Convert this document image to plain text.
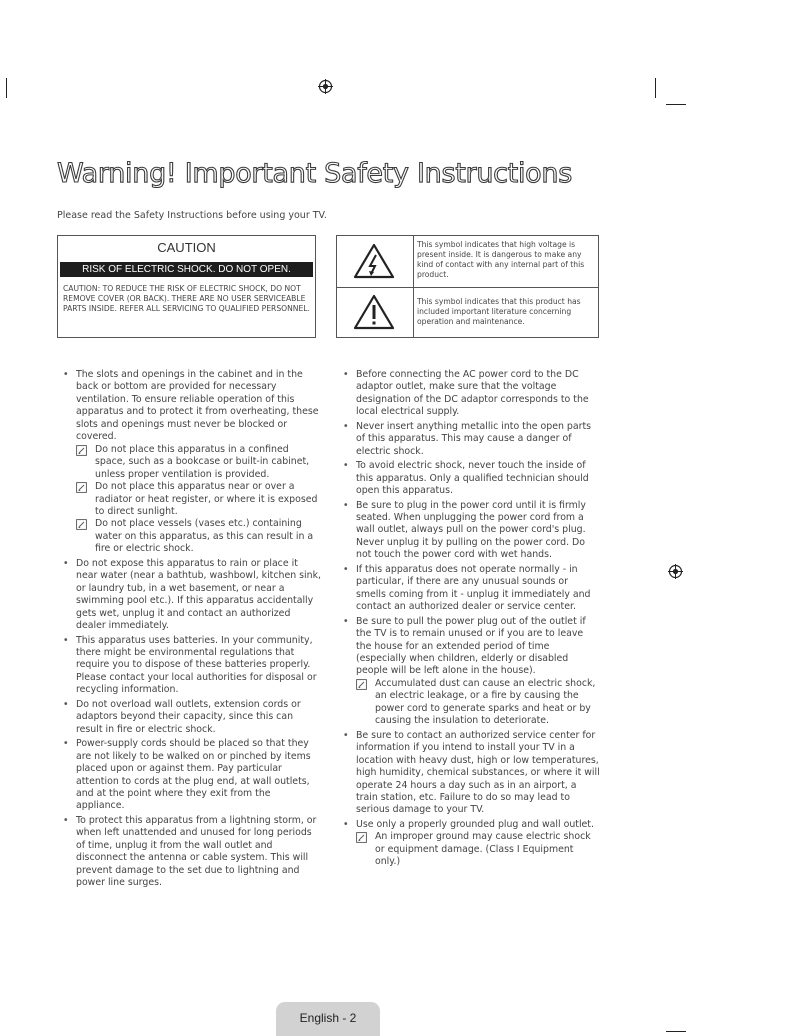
Warning! Important Safety Instructions
Please read the Safety Instructions before using your TV.
CAUTION
RISK OF ELECTRIC SHOCK. DO NOT OPEN.
CAUTION: TO REDUCE THE RISK OF ELECTRIC SHOCK, DO NOT REMOVE COVER (OR BACK). THERE ARE NO USER SERVICEABLE PARTS INSIDE. REFER ALL SERVICING TO QUALIFIED PERSONNEL.
This symbol indicates that high voltage is present inside. It is dangerous to make any kind of contact with any internal part of this product.
This symbol indicates that this product has included important literature concerning operation and maintenance.
• The slots and openings in the cabinet and in the back or bottom are provided for necessary ventilation. To ensure reliable operation of this apparatus and to protect it from overheating, these slots and openings must never be blocked or covered.
Do not place this apparatus in a confined space, such as a bookcase or built-in cabinet, unless proper ventilation is provided.
Do not place this apparatus near or over a radiator or heat register, or where it is exposed to direct sunlight.
Do not place vessels (vases etc.) containing water on this apparatus, as this can result in a fire or electric shock.
• Do not expose this apparatus to rain or place it near water (near a bathtub, washbowl, kitchen sink, or laundry tub, in a wet basement, or near a swimming pool etc.). If this apparatus accidentally gets wet, unplug it and contact an authorized dealer immediately.
• This apparatus uses batteries. In your community, there might be environmental regulations that require you to dispose of these batteries properly. Please contact your local authorities for disposal or recycling information.
• Do not overload wall outlets, extension cords or adaptors beyond their capacity, since this can result in fire or electric shock.
• Power-supply cords should be placed so that they are not likely to be walked on or pinched by items placed upon or against them. Pay particular attention to cords at the plug end, at wall outlets, and at the point where they exit from the appliance.
• To protect this apparatus from a lightning storm, or when left unattended and unused for long periods of time, unplug it from the wall outlet and disconnect the antenna or cable system. This will prevent damage to the set due to lightning and power line surges.
• Before connecting the AC power cord to the DC adaptor outlet, make sure that the voltage designation of the DC adaptor corresponds to the local electrical supply.
• Never insert anything metallic into the open parts of this apparatus. This may cause a danger of electric shock.
• To avoid electric shock, never touch the inside of this apparatus. Only a qualified technician should open this apparatus.
• Be sure to plug in the power cord until it is firmly seated. When unplugging the power cord from a wall outlet, always pull on the power cord's plug. Never unplug it by pulling on the power cord. Do not touch the power cord with wet hands.
• If this apparatus does not operate normally - in particular, if there are any unusual sounds or smells coming from it - unplug it immediately and contact an authorized dealer or service center.
• Be sure to pull the power plug out of the outlet if the TV is to remain unused or if you are to leave the house for an extended period of time (especially when children, elderly or disabled people will be left alone in the house).
Accumulated dust can cause an electric shock, an electric leakage, or a fire by causing the power cord to generate sparks and heat or by causing the insulation to deteriorate.
• Be sure to contact an authorized service center for information if you intend to install your TV in a location with heavy dust, high or low temperatures, high humidity, chemical substances, or where it will operate 24 hours a day such as in an airport, a train station, etc. Failure to do so may lead to serious damage to your TV.
• Use only a properly grounded plug and wall outlet.
An improper ground may cause electric shock or equipment damage. (Class I Equipment only.)
English - 2
